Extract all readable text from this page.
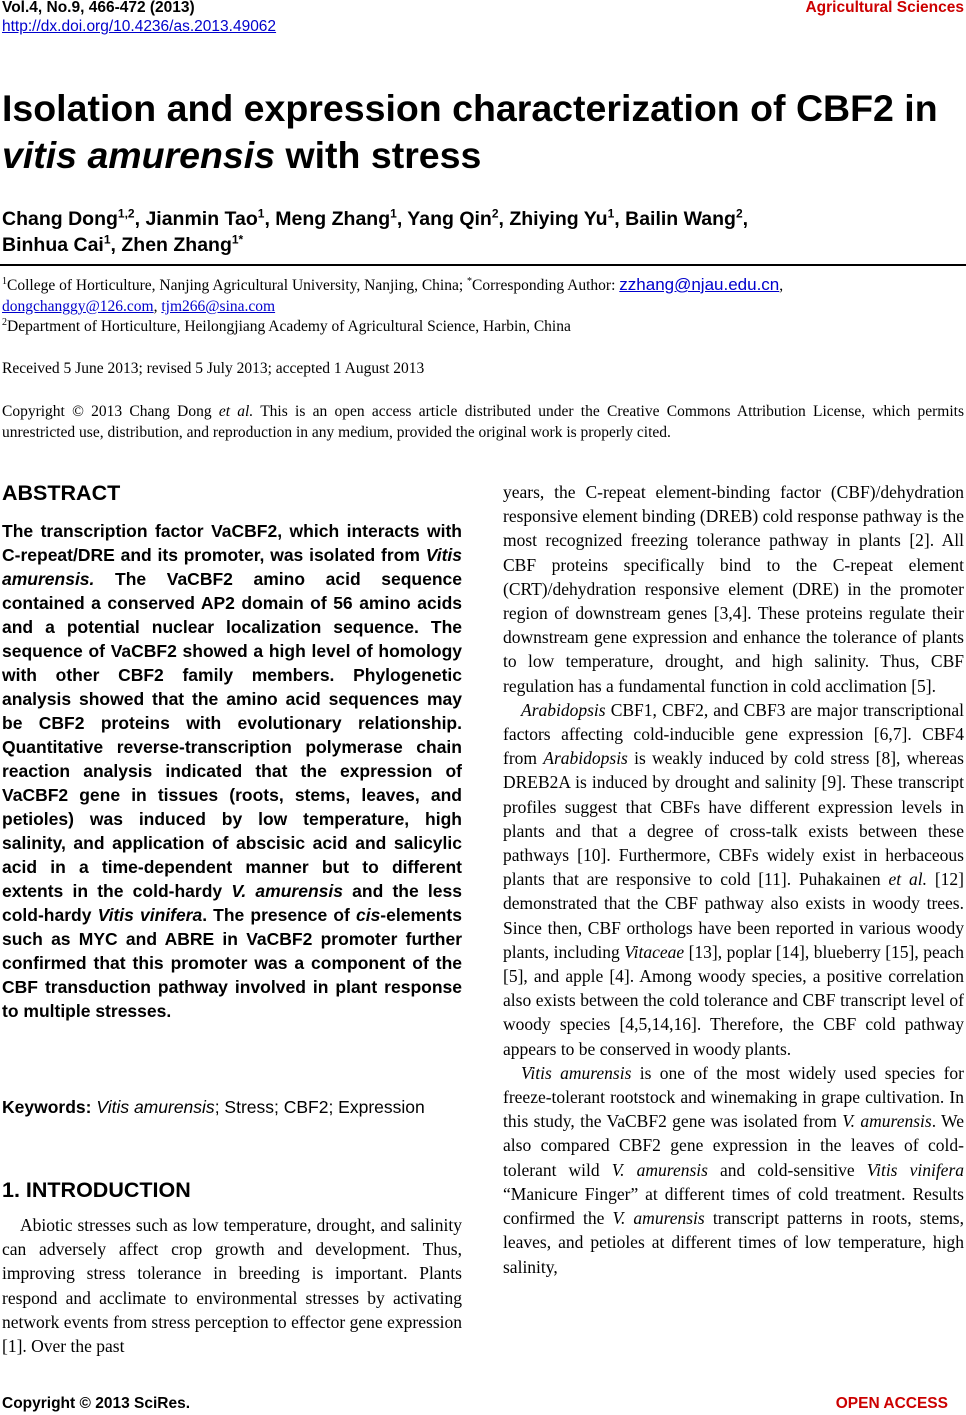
Vol.4, No.9, 466-472 (2013)
http://dx.doi.org/10.4236/as.2013.49062
Agricultural Sciences
Isolation and expression characterization of CBF2 in
vitis amurensis with stress
Chang Dong$^{1,2}$, Jianmin Tao$^1$, Meng Zhang$^1$, Yang Qin$^2$, Zhiying Yu$^1$, Bailin Wang$^2$,
Binhua Cai$^1$, Zhen Zhang$^{1*}$
$^1$College of Horticulture, Nanjing Agricultural University, Nanjing, China; *Corresponding Author: zzhang@njau.edu.cn,
dongchanggy@126.com, tjm266@sina.com
$^2$Department of Horticulture, Heilongjiang Academy of Agricultural Science, Harbin, China
Received 5 June 2013; revised 5 July 2013; accepted 1 August 2013
Copyright © 2013 Chang Dong et al. This is an open access article distributed under the Creative Commons Attribution License, which permits unrestricted use, distribution, and reproduction in any medium, provided the original work is properly cited.
ABSTRACT
The transcription factor VaCBF2, which interacts with C-repeat/DRE and its promoter, was isolated from Vitis amurensis. The VaCBF2 amino acid sequence contained a conserved AP2 domain of 56 amino acids and a potential nuclear localization sequence. The sequence of VaCBF2 showed a high level of homology with other CBF2 family members. Phylogenetic analysis showed that the amino acid sequences may be CBF2 proteins with evolutionary relationship. Quantitative reverse-transcription polymerase chain reaction analysis indicated that the expression of VaCBF2 gene in tissues (roots, stems, leaves, and petioles) was induced by low temperature, high salinity, and application of abscisic acid and salicylic acid in a time-dependent manner but to different extents in the cold-hardy V. amurensis and the less cold-hardy Vitis vinifera. The presence of cis-elements such as MYC and ABRE in VaCBF2 promoter further confirmed that this promoter was a component of the CBF transduction pathway involved in plant response to multiple stresses.
Keywords: Vitis amurensis; Stress; CBF2; Expression
1. INTRODUCTION

Abiotic stresses such as low temperature, drought, and salinity can adversely affect crop growth and development. Thus, improving stress tolerance in breeding is important. Plants respond and acclimate to environmental stresses by activating network events from stress perception to effector gene expression [1]. Over the past

years, the C-repeat element-binding factor (CBF)/dehydration responsive element binding (DREB) cold response pathway is the most recognized freezing tolerance pathway in plants [2]. All CBF proteins specifically bind to the C-repeat element (CRT)/dehydration responsive element (DRE) in the promoter region of downstream genes [3,4]. These proteins regulate their downstream gene expression and enhance the tolerance of plants to low temperature, drought, and high salinity. Thus, CBF regulation has a fundamental function in cold acclimation [5].

Arabidopsis CBF1, CBF2, and CBF3 are major transcriptional factors affecting cold-inducible gene expression [6,7]. CBF4 from Arabidopsis is weakly induced by cold stress [8], whereas DREB2A is induced by drought and salinity [9]. These transcript profiles suggest that CBFs have different expression levels in plants and that a degree of cross-talk exists between these pathways [10]. Furthermore, CBFs widely exist in herbaceous plants that are responsive to cold [11]. Puhakainen et al. [12] demonstrated that the CBF pathway also exists in woody trees. Since then, CBF orthologs have been reported in various woody plants, including Vitaceae [13], poplar [14], blueberry [15], peach [5], and apple [4]. Among woody species, a positive correlation also exists between the cold tolerance and CBF transcript level of woody species [4,5,14,16]. Therefore, the CBF cold pathway appears to be conserved in woody plants.

Vitis amurensis is one of the most widely used species for freeze-tolerant rootstock and winemaking in grape cultivation. In this study, the VaCBF2 gene was isolated from V. amurensis. We also compared CBF2 gene expression in the leaves of cold-tolerant wild V. amurensis and cold-sensitive Vitis vinifera “Manicure Finger” at different times of cold treatment. Results confirmed the V. amurensis transcript patterns in roots, stems, leaves, and petioles at different times of low temperature, high salinity,

Copyright © 2013 SciRes.	OPEN ACCESS
